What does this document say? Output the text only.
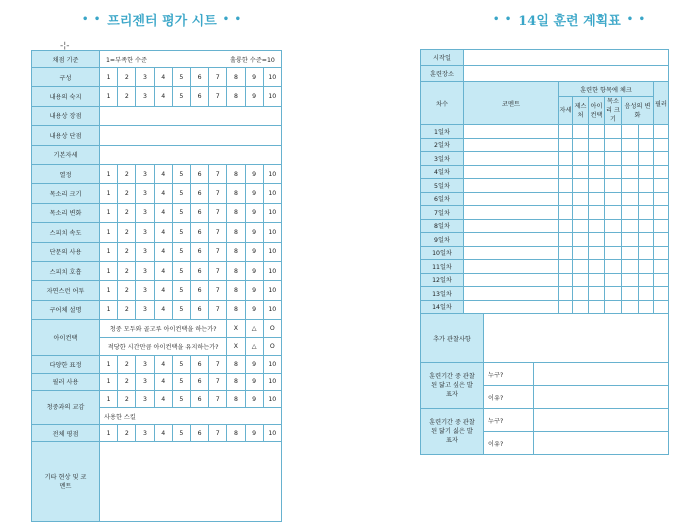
• • 프리젠터 평가 시트 • •	• • 14일 훈련 계획표 • •
-¦-
채점 기준	1=부족한 수준 훌륭한 수준=10									

구성	1	2	3	4	5	6	7	8	9	10
내용의 숙지	1	2	3	4	5	6	7	8	9	10
내용상 장점										
내용상 단점										
기본자세										
열정	1	2	3	4	5	6	7	8	9	10
목소리 크기	1	2	3	4	5	6	7	8	9	10
목소리 변화	1	2	3	4	5	6	7	8	9	10
스피치 속도	1	2	3	4	5	6	7	8	9	10
단문의 사용	1	2	3	4	5	6	7	8	9	10
스피치 호흡	1	2	3	4	5	6	7	8	9	10
자연스런 어투	1	2	3	4	5	6	7	8	9	10
구어체 설명	1	2	3	4	5	6	7	8	9	10
아이컨택	청중 모두와 골고루 아이컨택을 하는가?							X	△	O
	적당한 시간만큼 아이컨택을 유지하는가?							X	△	O
다양한 표정	1	2	3	4	5	6	7	8	9	10
필러 사용	1	2	3	4	5	6	7	8	9	10
청중과의 교감	1	2	3	4	5	6	7	8	9	10
	사용한 스킬									
전체 평점	1	2	3	4	5	6	7	8	9	10
기타 현상 및 코멘트										
시작일										
훈련장소										
차수	코멘트			훈련한 항목에 체크						필러
				자세	제스처	아이 컨택	목소리 크기	음성의 변화		
1일차										
2일차										
3일차										
4일차										
5일차										
6일차										
7일차										
8일차										
9일차										
10일차										
11일차										
12일차										
13일차										
14일차										
추가 관찰사항										
훈련기간 중 관찰된 닮고 싶은 발표자		누구?								
		이유?								
훈련기간 중 관찰된 닮기 싫은 발표자		누구?								
		이유?								
